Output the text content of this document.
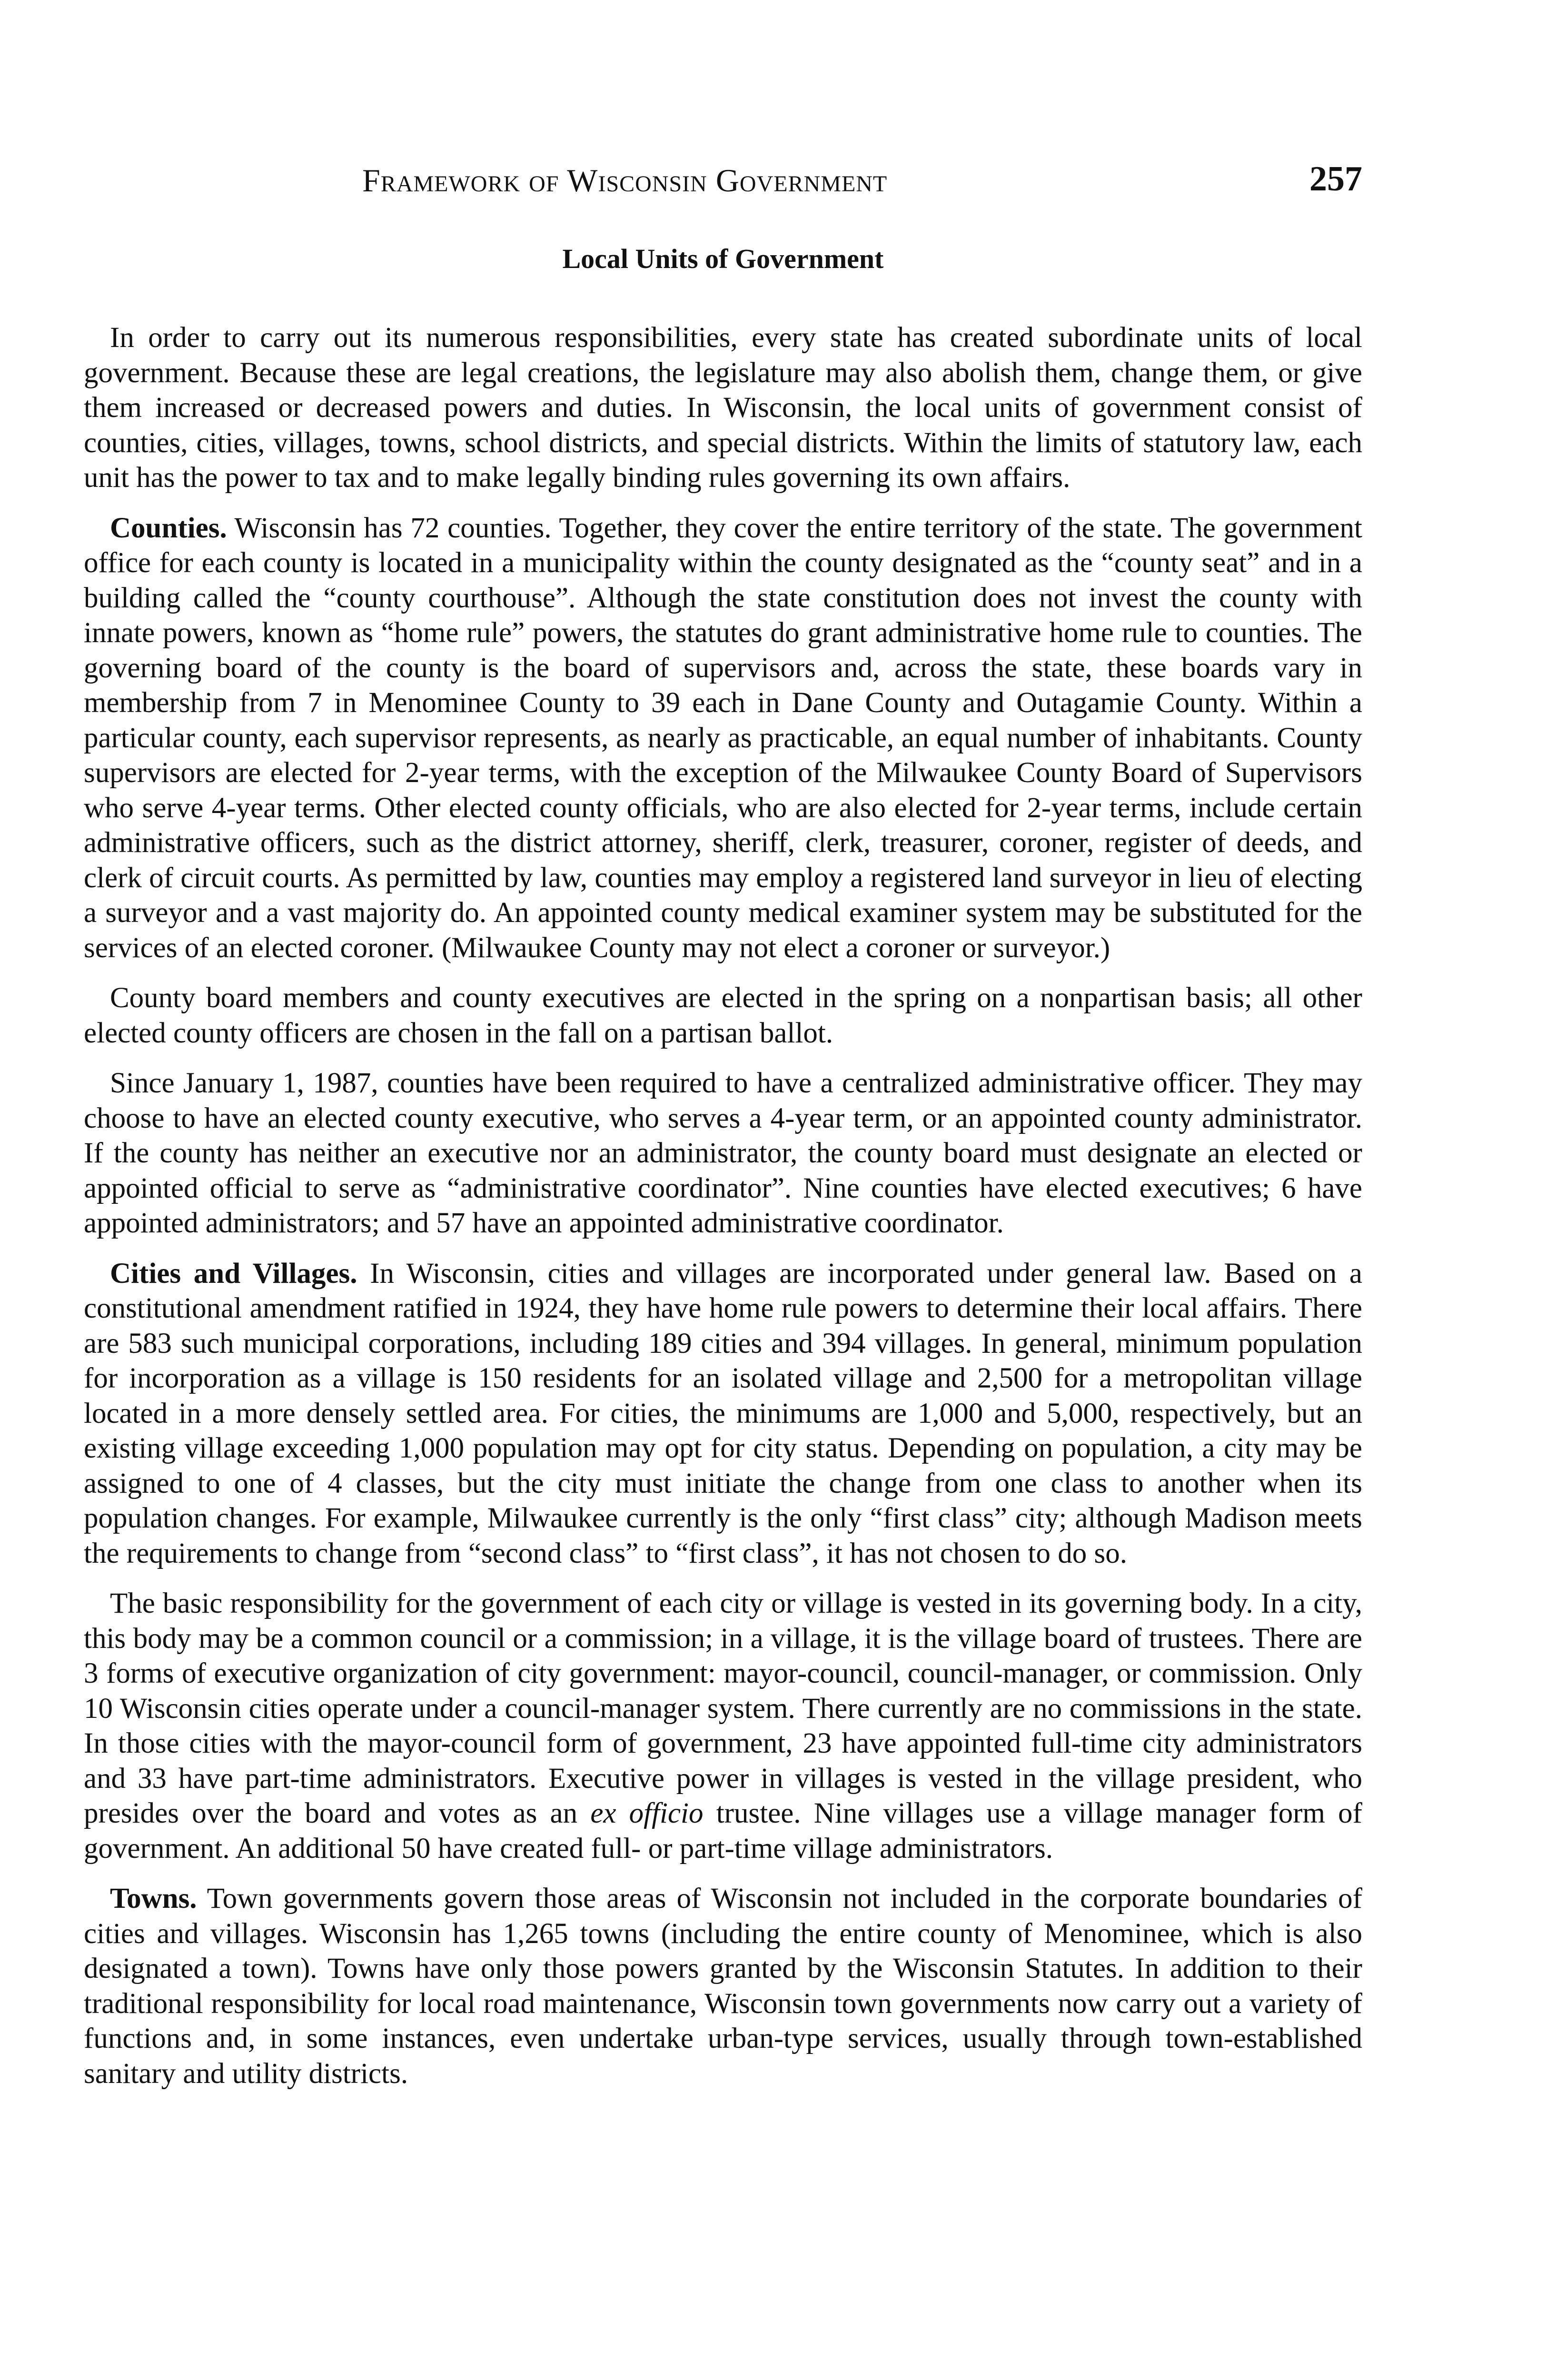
Framework of Wisconsin Government	257
Local Units of Government

In order to carry out its numerous responsibilities, every state has created subordinate units of local government. Because these are legal creations, the legislature may also abolish them, change them, or give them increased or decreased powers and duties. In Wisconsin, the local units of government consist of counties, cities, villages, towns, school districts, and special districts. Within the limits of statutory law, each unit has the power to tax and to make legally binding rules governing its own affairs.

Counties. Wisconsin has 72 counties. Together, they cover the entire territory of the state. The government office for each county is located in a municipality within the county designated as the “county seat” and in a building called the “county courthouse”. Although the state constitution does not invest the county with innate powers, known as “home rule” powers, the statutes do grant administrative home rule to counties. The governing board of the county is the board of supervisors and, across the state, these boards vary in membership from 7 in Menominee County to 39 each in Dane County and Outagamie County. Within a particular county, each supervisor represents, as nearly as practicable, an equal number of inhabitants. County supervisors are elected for 2-year terms, with the exception of the Milwaukee County Board of Supervisors who serve 4-year terms. Other elected county officials, who are also elected for 2-year terms, include certain administrative officers, such as the district attorney, sheriff, clerk, treasurer, coroner, register of deeds, and clerk of circuit courts. As permitted by law, counties may employ a registered land surveyor in lieu of electing a surveyor and a vast majority do. An appointed county medical examiner system may be substituted for the services of an elected coroner. (Milwaukee County may not elect a coroner or surveyor.)

County board members and county executives are elected in the spring on a nonpartisan basis; all other elected county officers are chosen in the fall on a partisan ballot.

Since January 1, 1987, counties have been required to have a centralized administrative officer. They may choose to have an elected county executive, who serves a 4-year term, or an appointed county administrator. If the county has neither an executive nor an administrator, the county board must designate an elected or appointed official to serve as “administrative coordinator”. Nine counties have elected executives; 6 have appointed administrators; and 57 have an appointed administrative coordinator.

Cities and Villages. In Wisconsin, cities and villages are incorporated under general law. Based on a constitutional amendment ratified in 1924, they have home rule powers to determine their local affairs. There are 583 such municipal corporations, including 189 cities and 394 villages. In general, minimum population for incorporation as a village is 150 residents for an isolated village and 2,500 for a metropolitan village located in a more densely settled area. For cities, the minimums are 1,000 and 5,000, respectively, but an existing village exceeding 1,000 population may opt for city status. Depending on population, a city may be assigned to one of 4 classes, but the city must initiate the change from one class to another when its population changes. For example, Milwaukee currently is the only “first class” city; although Madison meets the requirements to change from “second class” to “first class”, it has not chosen to do so.

The basic responsibility for the government of each city or village is vested in its governing body. In a city, this body may be a common council or a commission; in a village, it is the village board of trustees. There are 3 forms of executive organization of city government: mayor-council, council-manager, or commission. Only 10 Wisconsin cities operate under a council-manager system. There currently are no commissions in the state. In those cities with the mayor-council form of government, 23 have appointed full-time city administrators and 33 have part-time administrators. Executive power in villages is vested in the village president, who presides over the board and votes as an ex officio trustee. Nine villages use a village manager form of government. An additional 50 have created full- or part-time village administrators.

Towns. Town governments govern those areas of Wisconsin not included in the corporate boundaries of cities and villages. Wisconsin has 1,265 towns (including the entire county of Menominee, which is also designated a town). Towns have only those powers granted by the Wisconsin Statutes. In addition to their traditional responsibility for local road maintenance, Wisconsin town governments now carry out a variety of functions and, in some instances, even undertake urban-type services, usually through town-established sanitary and utility districts.
